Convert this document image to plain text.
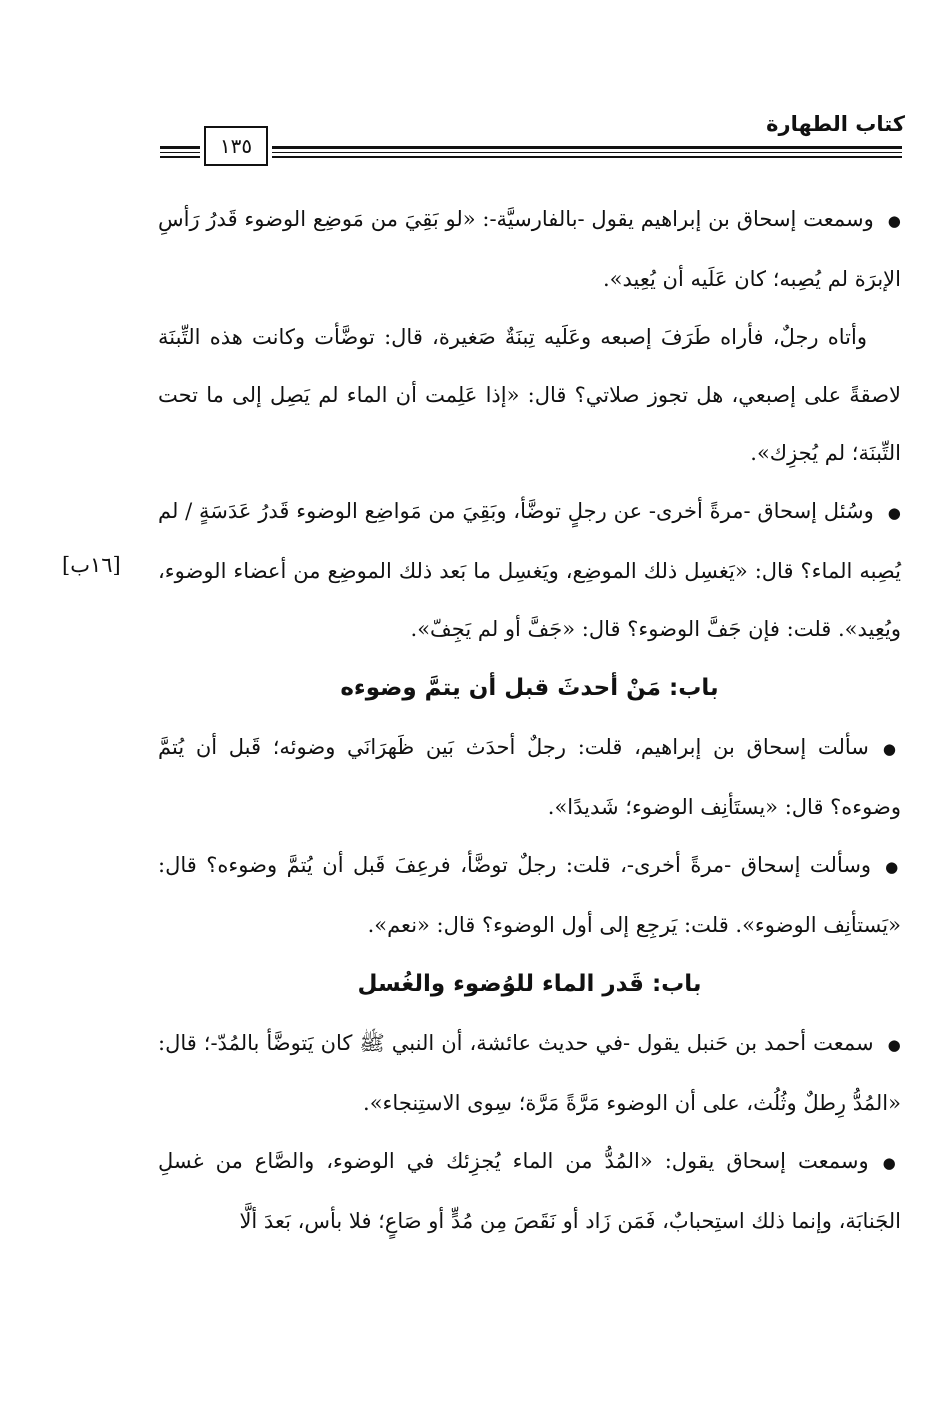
كتاب الطهارة
١٣٥
[١٦ب]

●وسمعت إسحاق بن إبراهيم يقول -بالفارسيَّة-: «لو بَقِيَ من مَوضِع الوضوء قَدرُ رَأسِ الإبرَة لم يُصِبه؛ كان عَلَيه أن يُعِيد».

وأتاه رجلٌ، فأراه طَرَفَ إصبعه وعَلَيه تِبنَةٌ صَغيرة، قال: توضَّأت وكانت هذه التِّبنَة لاصقةً على إصبعي، هل تجوز صلاتي؟ قال: «إذا عَلِمت أن الماء لم يَصِل إلى ما تحت التِّبنَة؛ لم يُجزِك».

●وسُئل إسحاق -مرةً أخرى- عن رجلٍ توضَّأ، وبَقِيَ من مَواضِع الوضوء قَدرُ عَدَسَةٍ / لم يُصِبه الماء؟ قال: «يَغسِل ذلك الموضِع، ويَغسِل ما بَعد ذلك الموضِع من أعضاء الوضوء، ويُعِيد». قلت: فإن جَفَّ الوضوء؟ قال: «جَفَّ أو لم يَجِفّ».

باب: مَنْ أحدثَ قبل أن يتمَّ وضوءه

●سألت إسحاق بن إبراهيم، قلت: رجلٌ أحدَث بَين ظَهرَانَي وضوئه؛ قَبل أن يُتمَّ وضوءه؟ قال: «يستَأنِف الوضوء؛ شَديدًا».

●وسألت إسحاق -مرةً أخرى-، قلت: رجلٌ توضَّأ، فرعِفَ قَبل أن يُتمَّ وضوءه؟ قال: «يَستأنِف الوضوء». قلت: يَرجِع إلى أول الوضوء؟ قال: «نعم».

باب: قَدر الماء للوُضوء والغُسل

●سمعت أحمد بن حَنبل يقول -في حديث عائشة، أن النبي ﷺ كان يَتوضَّأ بالمُدّ-؛ قال: «المُدُّ رِطلٌ وثُلُث، على أن الوضوء مَرَّةً مَرَّة؛ سِوى الاستِنجاء».

●وسمعت إسحاق يقول: «المُدُّ من الماء يُجزِئك في الوضوء، والصَّاع من غسلِ الجَنابَة، وإنما ذلك استِحبابٌ، فَمَن زَاد أو نَقَصَ مِن مُدٍّ أو صَاعٍ؛ فلا بأس، بَعدَ ألَّا
